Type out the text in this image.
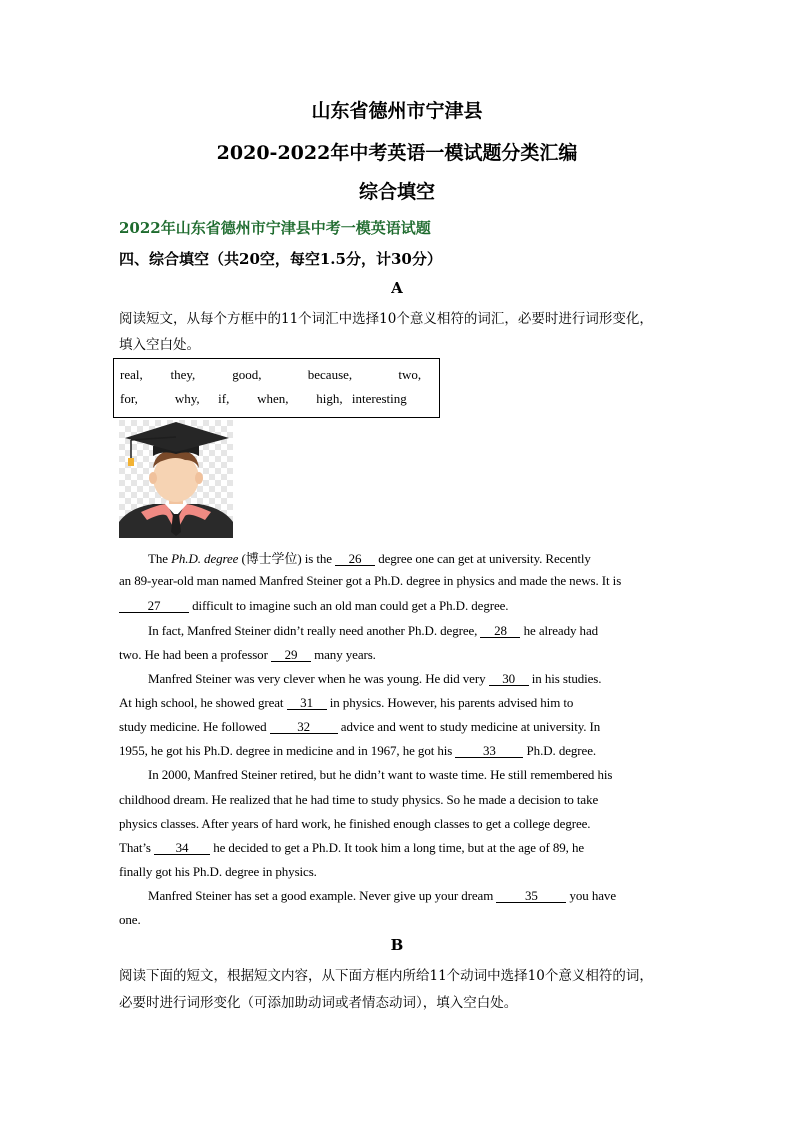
山东省德州市宁津县
2020-2022年中考英语一模试题分类汇编
综合填空
2022年山东省德州市宁津县中考一模英语试题
四、综合填空（共20空，每空1.5分，计30分）
A
阅读短文，从每个方框中的11个词汇中选择10个意义相符的词汇，必要时进行词形变化，
填入空白处。
real,   they,    good,     because,     two,
for,    why,  if,   when,   high, interesting
The Ph.D. degree (博士学位) is the 26 degree one can get at university. Recently
an 89-year-old man named Manfred Steiner got a Ph.D. degree in physics and made the news. It is
27 difficult to imagine such an old man could get a Ph.D. degree.
In fact, Manfred Steiner didn’t really need another Ph.D. degree, 28 he already had
two. He had been a professor 29 many years.
Manfred Steiner was very clever when he was young. He did very 30 in his studies.
At high school, he showed great 31 in physics. However, his parents advised him to
study medicine. He followed 32 advice and went to study medicine at university. In
1955, he got his Ph.D. degree in medicine and in 1967, he got his 33 Ph.D. degree.
In 2000, Manfred Steiner retired, but he didn’t want to waste time. He still remembered his
childhood dream. He realized that he had time to study physics. So he made a decision to take
physics classes. After years of hard work, he finished enough classes to get a college degree.
That’s 34 he decided to get a Ph.D. It took him a long time, but at the age of 89, he
finally got his Ph.D. degree in physics.
Manfred Steiner has set a good example. Never give up your dream 35 you have
one.
B
阅读下面的短文，根据短文内容，从下面方框内所给11个动词中选择10个意义相符的词，
必要时进行词形变化（可添加助动词或者情态动词），填入空白处。
